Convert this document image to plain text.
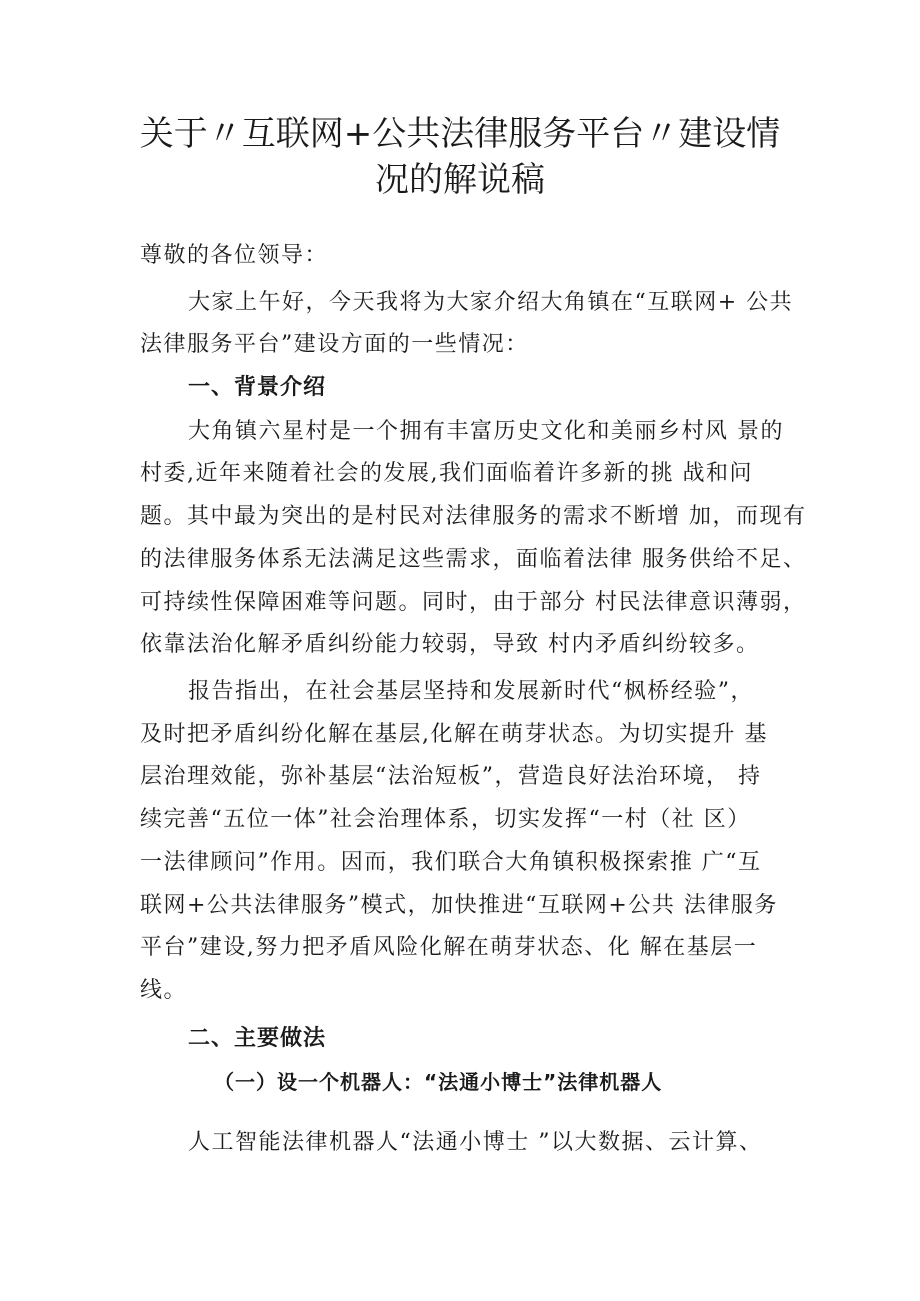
关于〃互联网+公共法律服务平台〃建设情
况的解说稿

尊敬的各位领导：

大家上午好，今天我将为大家介绍大角镇在“互联网+ 公共

法律服务平台”建设方面的一些情况：

一、背景介绍

大角镇六星村是一个拥有丰富历史文化和美丽乡村风 景的

村委,近年来随着社会的发展,我们面临着许多新的挑 战和问

题。其中最为突出的是村民对法律服务的需求不断增 加，而现有

的法律服务体系无法满足这些需求，面临着法律 服务供给不足、

可持续性保障困难等问题。同时，由于部分 村民法律意识薄弱，

依靠法治化解矛盾纠纷能力较弱，导致 村内矛盾纠纷较多。

报告指出，在社会基层坚持和发展新时代“枫桥经验”，

及时把矛盾纠纷化解在基层,化解在萌芽状态。为切实提升 基

层治理效能，弥补基层“法治短板”，营造良好法治环境， 持

续完善“五位一体”社会治理体系，切实发挥“一村（社 区）

一法律顾问”作用。因而，我们联合大角镇积极探索推 广“互

联网+公共法律服务”模式，加快推进“互联网+公共 法律服务

平台”建设,努力把矛盾风险化解在萌芽状态、化 解在基层一

线。

二、主要做法
（一）设一个机器人：“法通小博士”法律机器人

人工智能法律机器人“法通小博士 ”以大数据、云计算、
